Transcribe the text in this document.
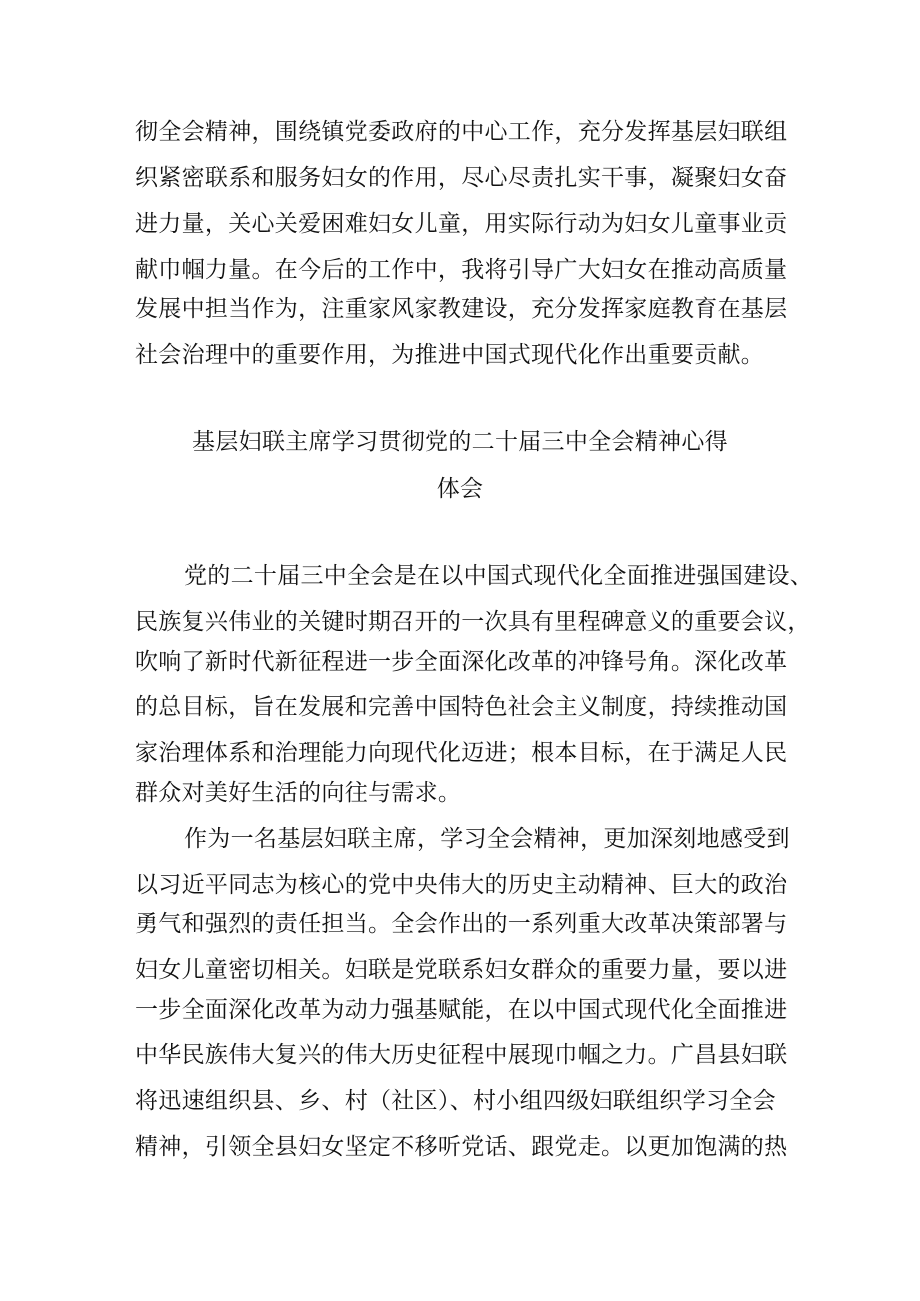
彻全会精神，围绕镇党委政府的中心工作，充分发挥基层妇联组
织紧密联系和服务妇女的作用，尽心尽责扎实干事，凝聚妇女奋
进力量，关心关爱困难妇女儿童，用实际行动为妇女儿童事业贡
献巾帼力量。在今后的工作中，我将引导广大妇女在推动高质量
发展中担当作为，注重家风家教建设，充分发挥家庭教育在基层
社会治理中的重要作用，为推进中国式现代化作出重要贡献。
基层妇联主席学习贯彻党的二十届三中全会精神心得
体会
党的二十届三中全会是在以中国式现代化全面推进强国建设、
民族复兴伟业的关键时期召开的一次具有里程碑意义的重要会议，
吹响了新时代新征程进一步全面深化改革的冲锋号角。深化改革
的总目标，旨在发展和完善中国特色社会主义制度，持续推动国
家治理体系和治理能力向现代化迈进；根本目标，在于满足人民
群众对美好生活的向往与需求。
作为一名基层妇联主席，学习全会精神，更加深刻地感受到
以习近平同志为核心的党中央伟大的历史主动精神、巨大的政治
勇气和强烈的责任担当。全会作出的一系列重大改革决策部署与
妇女儿童密切相关。妇联是党联系妇女群众的重要力量，要以进
一步全面深化改革为动力强基赋能，在以中国式现代化全面推进
中华民族伟大复兴的伟大历史征程中展现巾帼之力。广昌县妇联
将迅速组织县、乡、村（社区）、村小组四级妇联组织学习全会
精神，引领全县妇女坚定不移听党话、跟党走。以更加饱满的热
